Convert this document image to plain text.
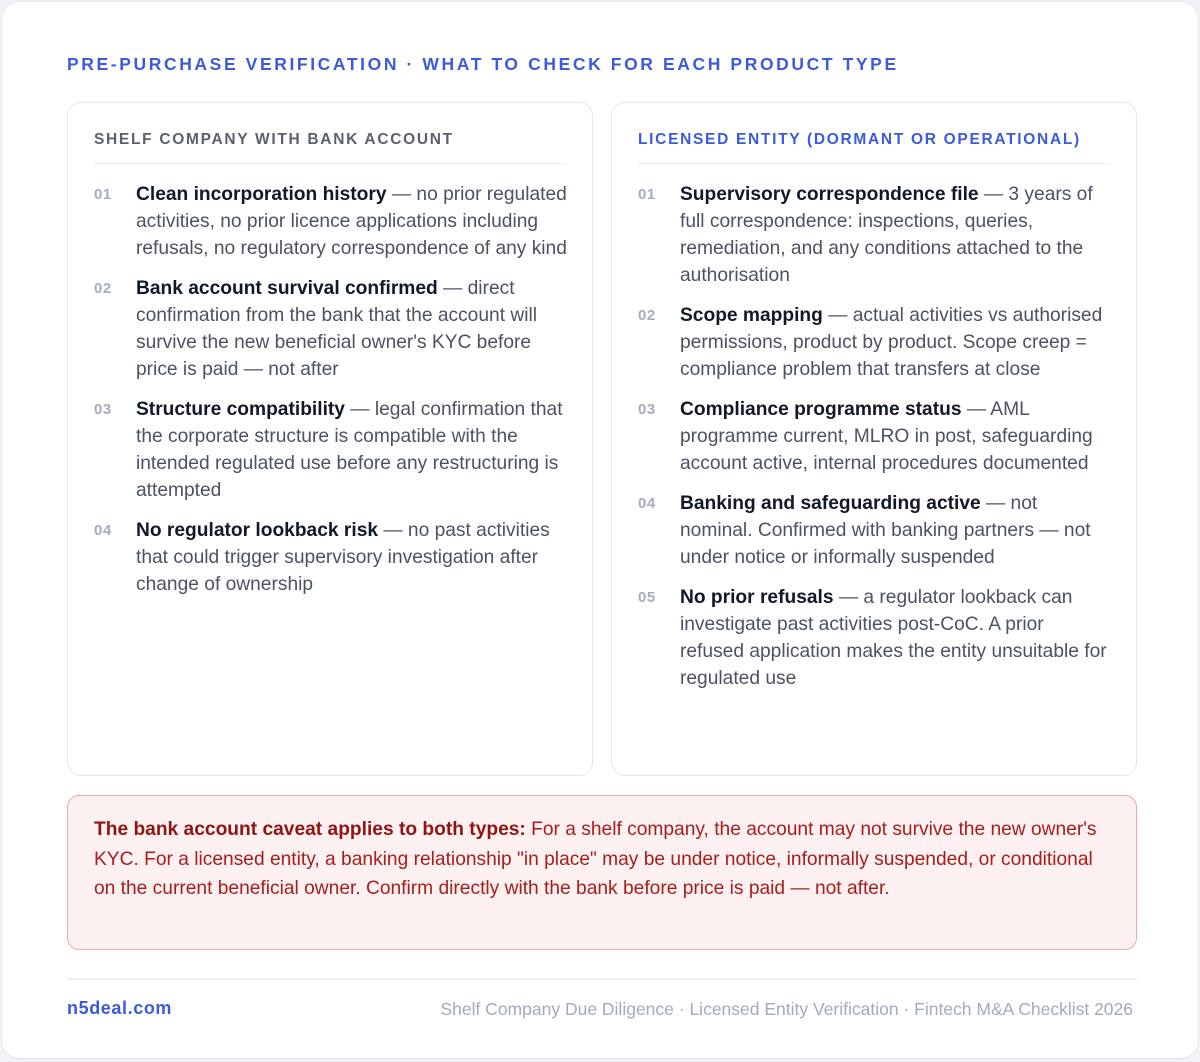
PRE-PURCHASE VERIFICATION · WHAT TO CHECK FOR EACH PRODUCT TYPE
SHELF COMPANY WITH BANK ACCOUNT
01	Clean incorporation history — no prior regulated activities, no prior licence applications including refusals, no regulatory correspondence of any kind
02	Bank account survival confirmed — direct confirmation from the bank that the account will survive the new beneficial owner's KYC before price is paid — not after
03	Structure compatibility — legal confirmation that the corporate structure is compatible with the intended regulated use before any restructuring is attempted
04	No regulator lookback risk — no past activities that could trigger supervisory investigation after change of ownership
LICENSED ENTITY (DORMANT OR OPERATIONAL)
01	Supervisory correspondence file — 3 years of full correspondence: inspections, queries, remediation, and any conditions attached to the authorisation
02	Scope mapping — actual activities vs authorised permissions, product by product. Scope creep = compliance problem that transfers at close
03	Compliance programme status — AML programme current, MLRO in post, safeguarding account active, internal procedures documented
04	Banking and safeguarding active — not nominal. Confirmed with banking partners — not under notice or informally suspended
05	No prior refusals — a regulator lookback can investigate past activities post-CoC. A prior refused application makes the entity unsuitable for regulated use
The bank account caveat applies to both types: For a shelf company, the account may not survive the new owner's KYC. For a licensed entity, a banking relationship "in place" may be under notice, informally suspended, or conditional on the current beneficial owner. Confirm directly with the bank before price is paid — not after.
n5deal.com	Shelf Company Due Diligence · Licensed Entity Verification · Fintech M&A Checklist 2026
